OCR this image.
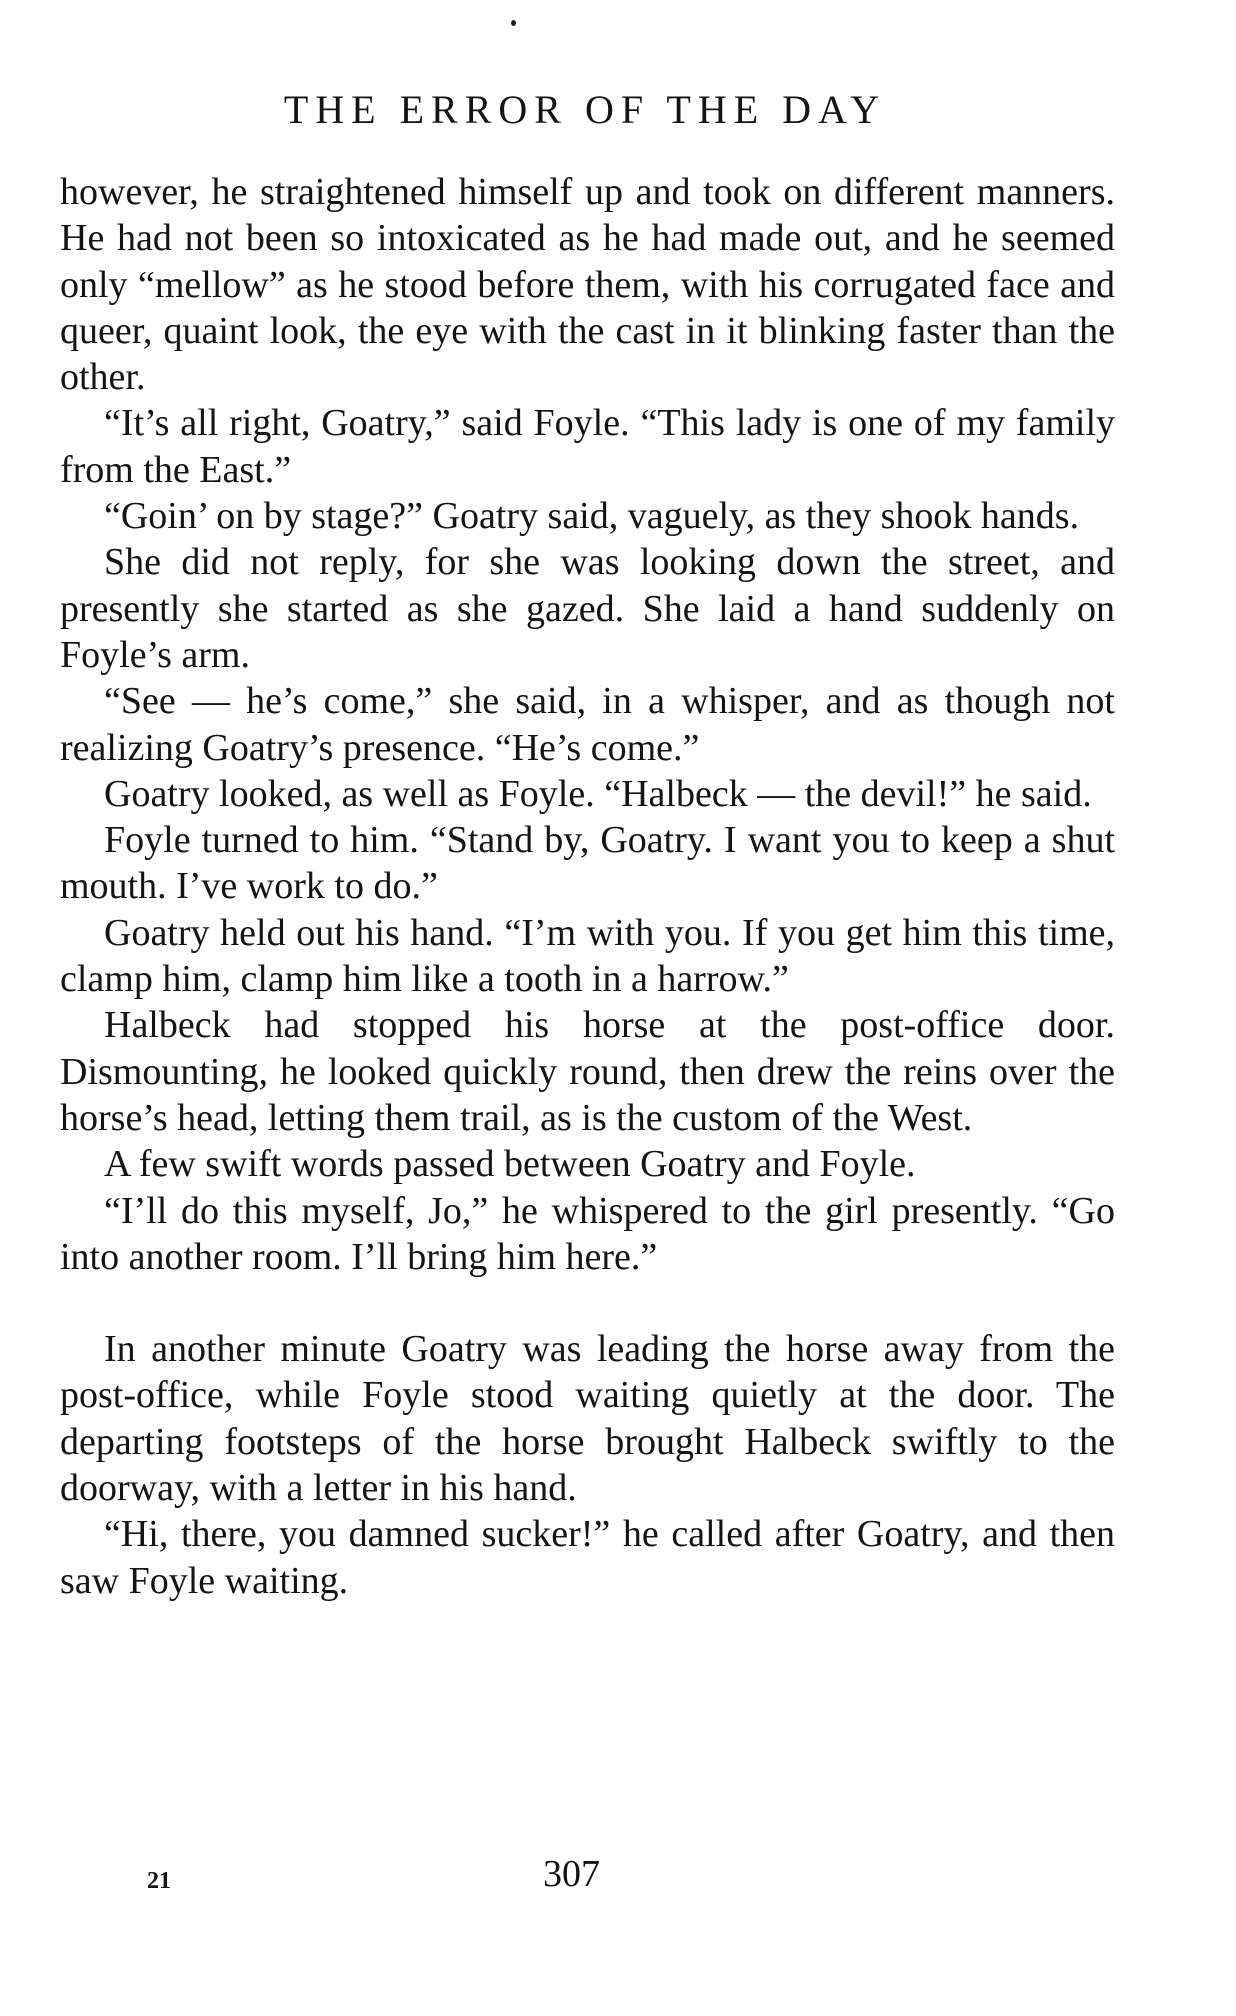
THE ERROR OF THE DAY

however, he straightened himself up and took on different manners. He had not been so intoxicated as he had made out, and he seemed only “mellow” as he stood before them, with his corrugated face and queer, quaint look, the eye with the cast in it blinking faster than the other.

“It’s all right, Goatry,” said Foyle. “This lady is one of my family from the East.”

“Goin’ on by stage?” Goatry said, vaguely, as they shook hands.

She did not reply, for she was looking down the street, and presently she started as she gazed. She laid a hand suddenly on Foyle’s arm.

“See — he’s come,” she said, in a whisper, and as though not realizing Goatry’s presence. “He’s come.”

Goatry looked, as well as Foyle. “Halbeck — the devil!” he said.

Foyle turned to him. “Stand by, Goatry. I want you to keep a shut mouth. I’ve work to do.”

Goatry held out his hand. “I’m with you. If you get him this time, clamp him, clamp him like a tooth in a harrow.”

Halbeck had stopped his horse at the post-office door. Dismounting, he looked quickly round, then drew the reins over the horse’s head, letting them trail, as is the custom of the West.

A few swift words passed between Goatry and Foyle.

“I’ll do this myself, Jo,” he whispered to the girl presently. “Go into another room. I’ll bring him here.”

In another minute Goatry was leading the horse away from the post-office, while Foyle stood waiting quietly at the door. The departing footsteps of the horse brought Halbeck swiftly to the doorway, with a letter in his hand.

“Hi, there, you damned sucker!” he called after Goatry, and then saw Foyle waiting.

21	307
